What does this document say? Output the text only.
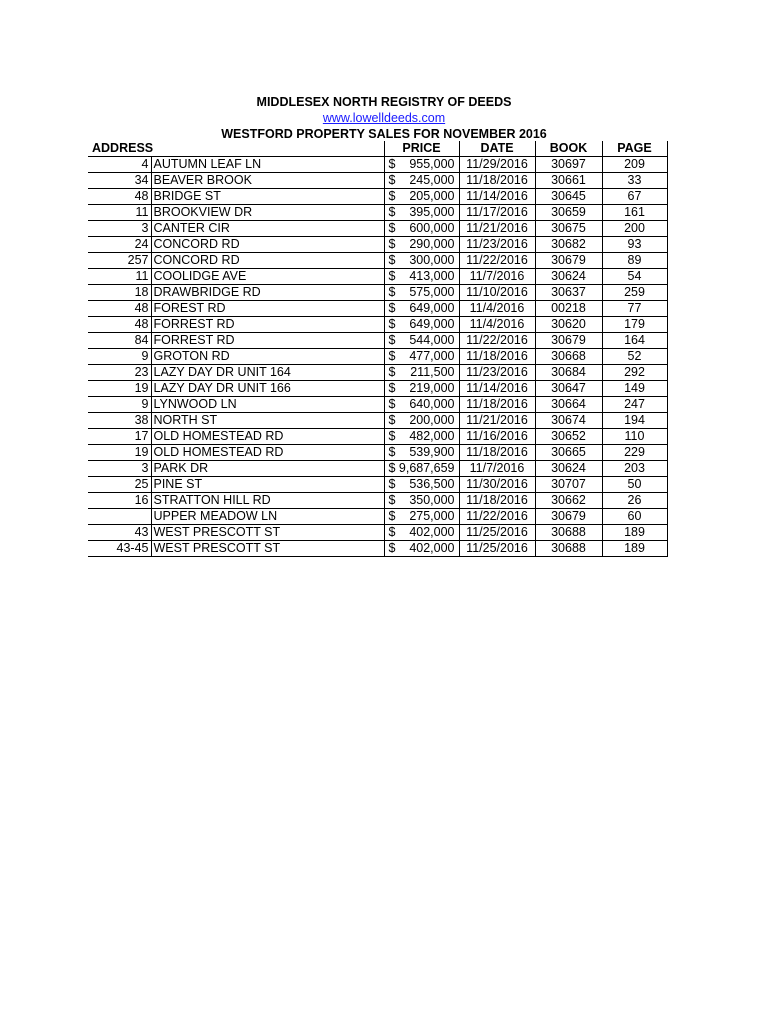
MIDDLESEX NORTH REGISTRY OF DEEDS
www.lowelldeeds.com
WESTFORD PROPERTY SALES FOR NOVEMBER 2016
ADDRESS		PRICE		DATE	BOOK	PAGE
4	AUTUMN LEAF LN	$	955,000	11/29/2016	30697	209
34	BEAVER BROOK	$	245,000	11/18/2016	30661	33
48	BRIDGE ST	$	205,000	11/14/2016	30645	67
11	BROOKVIEW DR	$	395,000	11/17/2016	30659	161
3	CANTER CIR	$	600,000	11/21/2016	30675	200
24	CONCORD RD	$	290,000	11/23/2016	30682	93
257	CONCORD RD	$	300,000	11/22/2016	30679	89
11	COOLIDGE AVE	$	413,000	11/7/2016	30624	54
18	DRAWBRIDGE RD	$	575,000	11/10/2016	30637	259
48	FOREST RD	$	649,000	11/4/2016	00218	77
48	FORREST RD	$	649,000	11/4/2016	30620	179
84	FORREST RD	$	544,000	11/22/2016	30679	164
9	GROTON RD	$	477,000	11/18/2016	30668	52
23	LAZY DAY DR UNIT 164	$	211,500	11/23/2016	30684	292
19	LAZY DAY DR UNIT 166	$	219,000	11/14/2016	30647	149
9	LYNWOOD LN	$	640,000	11/18/2016	30664	247
38	NORTH ST	$	200,000	11/21/2016	30674	194
17	OLD HOMESTEAD RD	$	482,000	11/16/2016	30652	110
19	OLD HOMESTEAD RD	$	539,900	11/18/2016	30665	229
3	PARK DR	$	9,687,659	11/7/2016	30624	203
25	PINE ST	$	536,500	11/30/2016	30707	50
16	STRATTON HILL RD	$	350,000	11/18/2016	30662	26
	UPPER MEADOW LN	$	275,000	11/22/2016	30679	60
43	WEST PRESCOTT ST	$	402,000	11/25/2016	30688	189
43-45	WEST PRESCOTT ST	$	402,000	11/25/2016	30688	189
